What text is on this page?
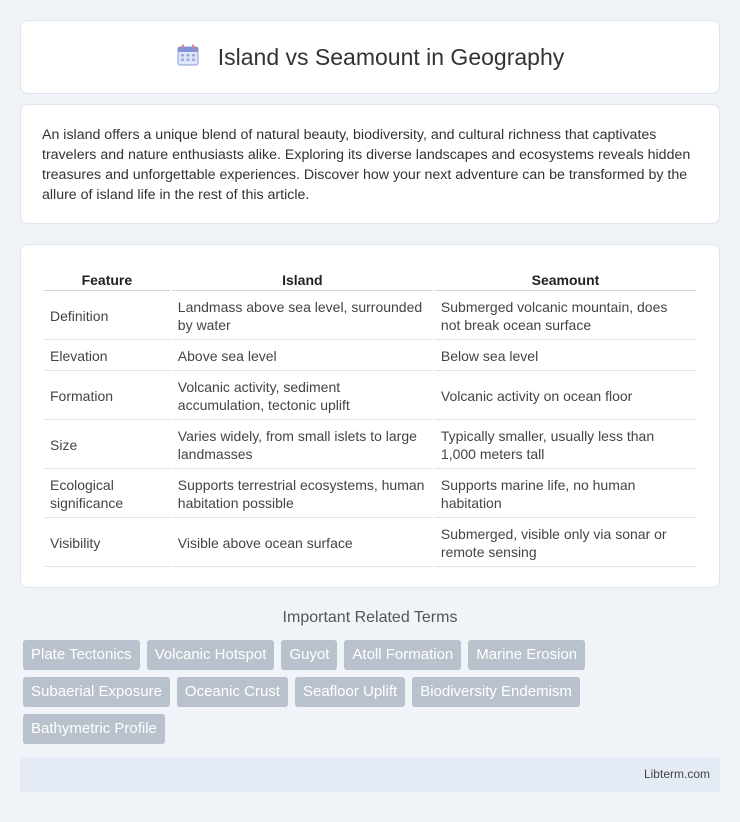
Island vs Seamount in Geography

An island offers a unique blend of natural beauty, biodiversity, and cultural richness that captivates travelers and nature enthusiasts alike. Exploring its diverse landscapes and ecosystems reveals hidden treasures and unforgettable experiences. Discover how your next adventure can be transformed by the allure of island life in the rest of this article.

Feature	Island	Seamount
Definition	Landmass above sea level, surrounded by water	Submerged volcanic mountain, does not break ocean surface
Elevation	Above sea level	Below sea level
Formation	Volcanic activity, sediment accumulation, tectonic uplift	Volcanic activity on ocean floor
Size	Varies widely, from small islets to large landmasses	Typically smaller, usually less than 1,000 meters tall
Ecological significance	Supports terrestrial ecosystems, human habitation possible	Supports marine life, no human habitation
Visibility	Visible above ocean surface	Submerged, visible only via sonar or remote sensing
Important Related Terms
Plate Tectonics	Volcanic Hotspot	Guyot	Atoll Formation	Marine Erosion
Subaerial Exposure	Oceanic Crust	Seafloor Uplift	Biodiversity Endemism
Bathymetric Profile
Libterm.com
